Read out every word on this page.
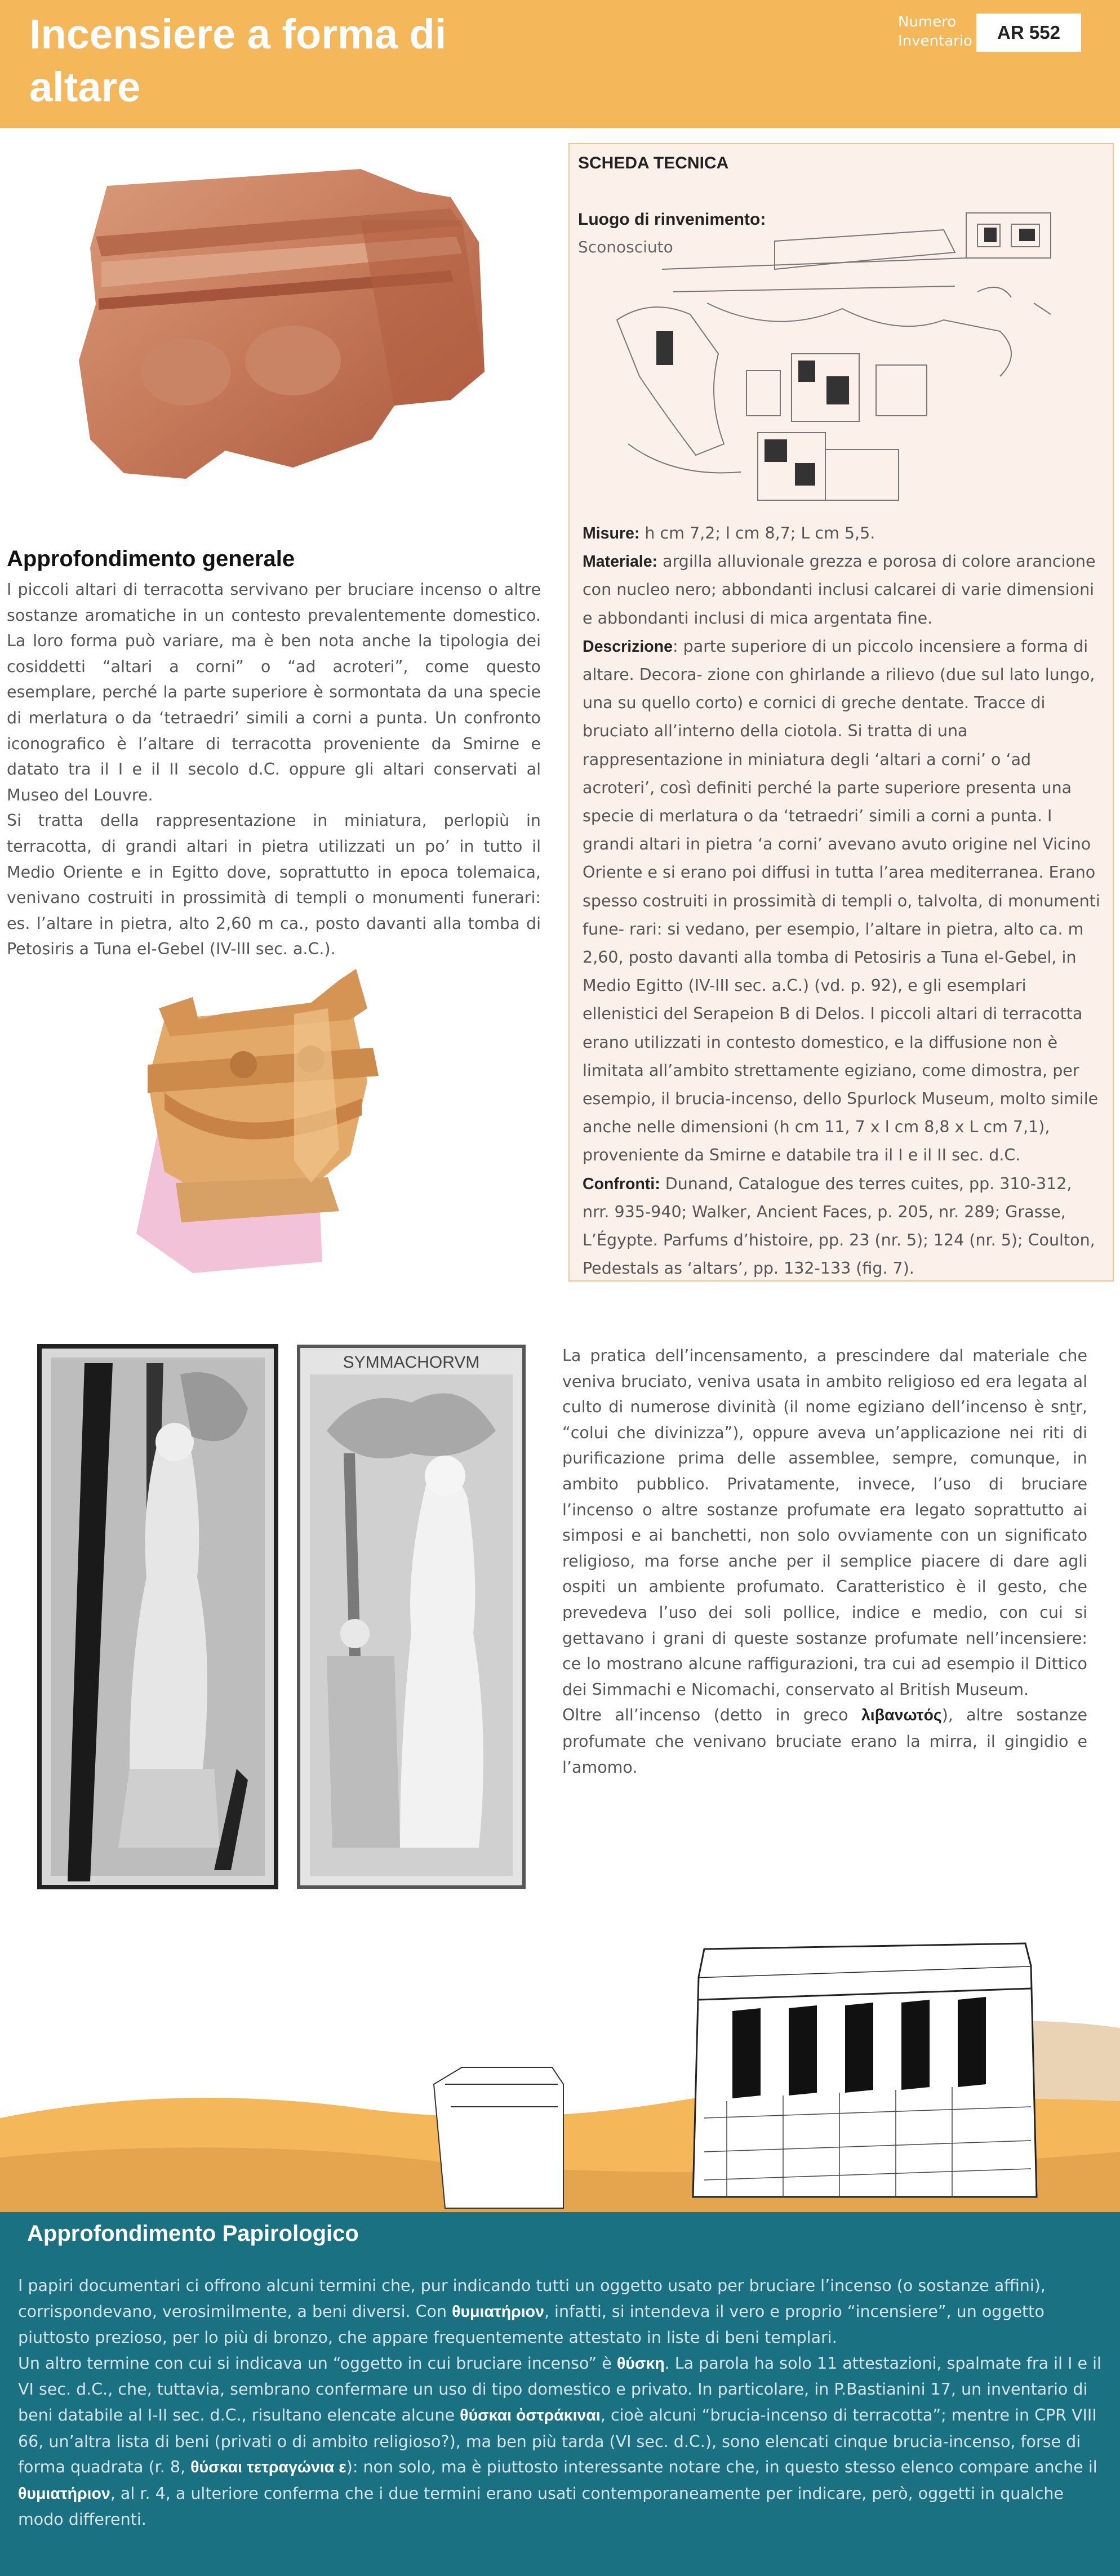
Incensiere a forma di altare
Numero Inventario	AR 552
Approfondimento generale

I piccoli altari di terracotta servivano per bruciare incenso o altre sostanze aromatiche in un contesto prevalentemente domestico. La loro forma può variare, ma è ben nota anche la tipologia dei cosiddetti “altari a corni” o “ad acroteri”, come questo esemplare, perché la parte superiore è sormontata da una specie di merlatura o da ‘tetraedri’ simili a corni a punta. Un confronto iconografico è l’altare di terracotta proveniente da Smirne e datato tra il I e il II secolo d.C. oppure gli altari conservati al Museo del Louvre.

Si tratta della rappresentazione in miniatura, perlopiù in terracotta, di grandi altari in pietra utilizzati un po’ in tutto il Medio Oriente e in Egitto dove, soprattutto in epoca tolemaica, venivano costruiti in prossimità di templi o monumenti funerari: es. l’altare in pietra, alto 2,60 m ca., posto davanti alla tomba di Petosiris a Tuna el-Gebel (IV-III sec. a.C.).

SCHEDA TECNICA
Luogo di rinvenimento:
Sconosciuto

Misure: h cm 7,2; l cm 8,7; L cm 5,5.

Materiale: argilla alluvionale grezza e porosa di colore arancione con nucleo nero; abbondanti inclusi calcarei di varie dimensioni e abbondanti inclusi di mica argentata fine.

Descrizione: parte superiore di un piccolo incensiere a forma di altare. Decora- zione con ghirlande a rilievo (due sul lato lungo, una su quello corto) e cornici di greche dentate. Tracce di bruciato all’interno della ciotola. Si tratta di una rappresentazione in miniatura degli ‘altari a corni’ o ‘ad acroteri’, così definiti perché la parte superiore presenta una specie di merlatura o da ‘tetraedri’ simili a corni a punta. I grandi altari in pietra ‘a corni’ avevano avuto origine nel Vicino Oriente e si erano poi diffusi in tutta l’area mediterranea. Erano spesso costruiti in prossimità di templi o, talvolta, di monumenti fune- rari: si vedano, per esempio, l’altare in pietra, alto ca. m 2,60, posto davanti alla tomba di Petosiris a Tuna el-Gebel, in Medio Egitto (IV-III sec. a.C.) (vd. p. 92), e gli esemplari ellenistici del Serapeion B di Delos. I piccoli altari di terracotta erano utilizzati in contesto domestico, e la diffusione non è limitata all’ambito strettamente egiziano, come dimostra, per esempio, il brucia-incenso, dello Spurlock Museum, molto simile anche nelle dimensioni (h cm 11, 7 x l cm 8,8 x L cm 7,1), proveniente da Smirne e databile tra il I e il II sec. d.C.

Confronti: Dunand, Catalogue des terres cuites, pp. 310-312, nrr. 935-940; Walker, Ancient Faces, p. 205, nr. 289; Grasse, L’Égypte. Parfums d’histoire, pp. 23 (nr. 5); 124 (nr. 5); Coulton, Pedestals as ‘altars’, pp. 132-133 (fig. 7).

SYMMACHORVM	La pratica dell’incensamento, a prescindere dal materiale che veniva bruciato, veniva usata in ambito religioso ed era legata al culto di numerose divinità (il nome egiziano dell’incenso è snṯr, “colui che divinizza”), oppure aveva un’applicazione nei riti di purificazione prima delle assemblee, sempre, comunque, in ambito pubblico. Privatamente, invece, l’uso di bruciare l’incenso o altre sostanze profumate era legato soprattutto ai simposi e ai banchetti, non solo ovviamente con un significato religioso, ma forse anche per il semplice piacere di dare agli ospiti un ambiente profumato. Caratteristico è il gesto, che prevedeva l’uso dei soli pollice, indice e medio, con cui si gettavano i grani di queste sostanze profumate nell’incensiere: ce lo mostrano alcune raffigurazioni, tra cui ad esempio il Dittico dei Simmachi e Nicomachi, conservato al British Museum.

Oltre all’incenso (detto in greco λιβανωτός), altre sostanze profumate che venivano bruciate erano la mirra, il gingidio e l’amomo.

Approfondimento Papirologico

I papiri documentari ci offrono alcuni termini che, pur indicando tutti un oggetto usato per bruciare l’incenso (o sostanze affini), corrispondevano, verosimilmente, a beni diversi. Con θυμιατήριον, infatti, si intendeva il vero e proprio “incensiere”, un oggetto piuttosto prezioso, per lo più di bronzo, che appare frequentemente attestato in liste di beni templari.

Un altro termine con cui si indicava un “oggetto in cui bruciare incenso” è θύσκη. La parola ha solo 11 attestazioni, spalmate fra il I e il VI sec. d.C., che, tuttavia, sembrano confermare un uso di tipo domestico e privato. In particolare, in P.Bastianini 17, un inventario di beni databile al I-II sec. d.C., risultano elencate alcune θύσκαι ὀστράκιναι, cioè alcuni “brucia-incenso di terracotta”; mentre in CPR VIII 66, un’altra lista di beni (privati o di ambito religioso?), ma ben più tarda (VI sec. d.C.), sono elencati cinque brucia-incenso, forse di forma quadrata (r. 8, θύσκαι τετραγώνια ε): non solo, ma è piuttosto interessante notare che, in questo stesso elenco compare anche il θυμιατήριον, al r. 4, a ulteriore conferma che i due termini erano usati contemporaneamente per indicare, però, oggetti in qualche modo differenti.
